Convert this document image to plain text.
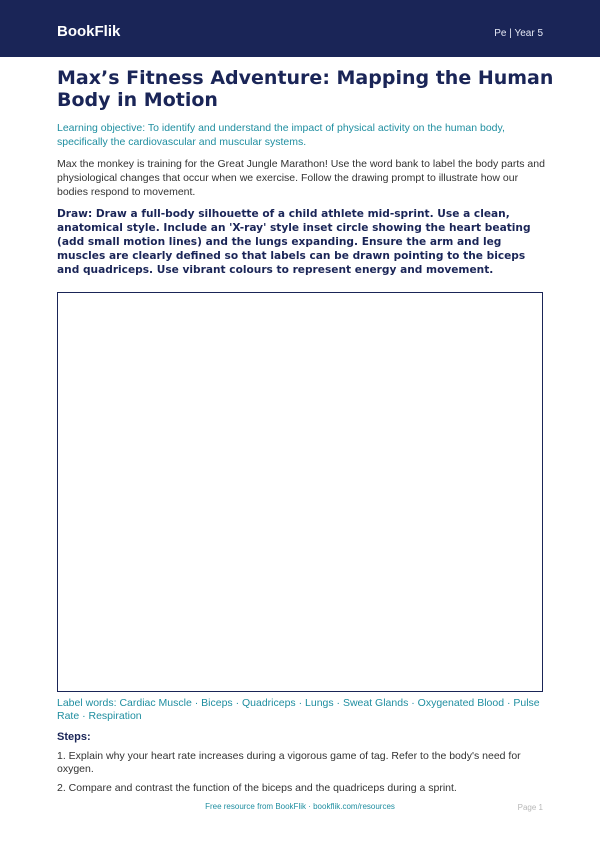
BookFlik	Pe | Year 5
Max’s Fitness Adventure: Mapping the Human Body in Motion

Learning objective: To identify and understand the impact of physical activity on the human body, specifically the cardiovascular and muscular systems.

Max the monkey is training for the Great Jungle Marathon! Use the word bank to label the body parts and physiological changes that occur when we exercise. Follow the drawing prompt to illustrate how our bodies respond to movement.

Draw: Draw a full-body silhouette of a child athlete mid-sprint. Use a clean, anatomical style. Include an 'X-ray' style inset circle showing the heart beating (add small motion lines) and the lungs expanding. Ensure the arm and leg muscles are clearly defined so that labels can be drawn pointing to the biceps and quadriceps. Use vibrant colours to represent energy and movement.

Label words: Cardiac Muscle · Biceps · Quadriceps · Lungs · Sweat Glands · Oxygenated Blood · Pulse Rate · Respiration

Steps:
1. Explain why your heart rate increases during a vigorous game of tag. Refer to the body's need for oxygen.
2. Compare and contrast the function of the biceps and the quadriceps during a sprint.
Free resource from BookFlik · bookflik.com/resources	Page 1
